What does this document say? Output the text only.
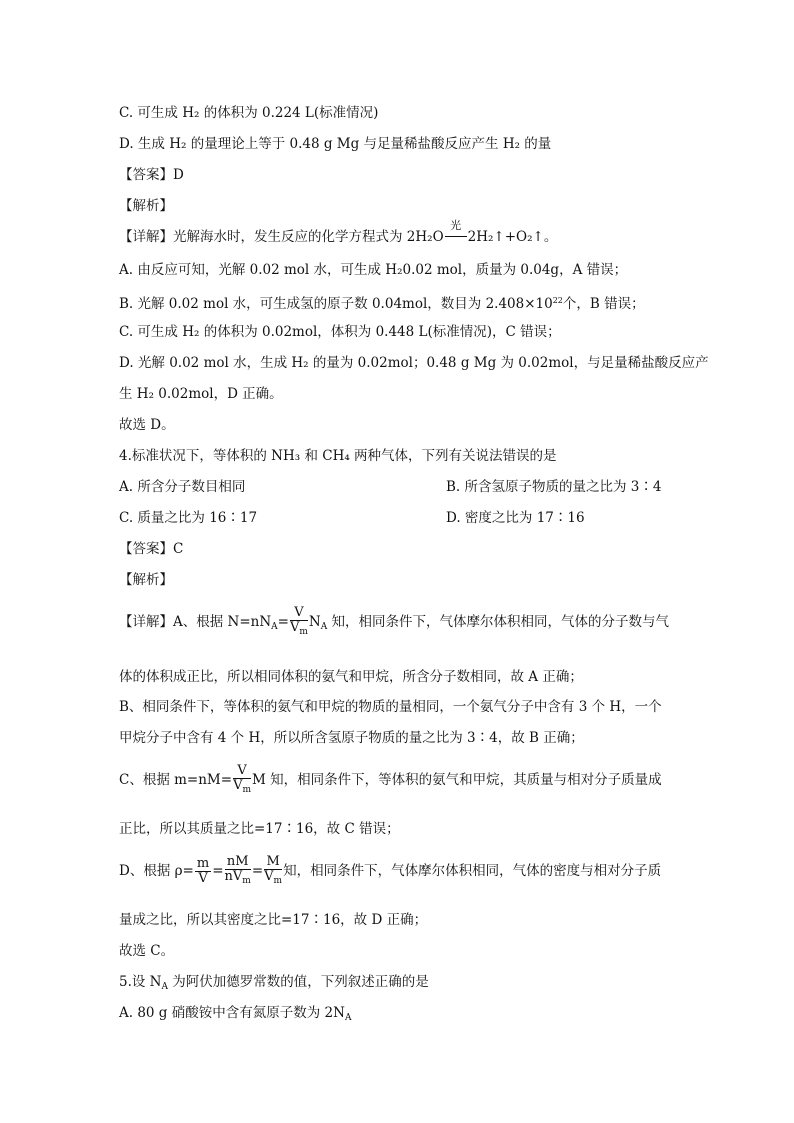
C. 可生成 H₂ 的体积为 0.224 L(标准情况)
D. 生成 H₂ 的量理论上等于 0.48 g Mg 与足量稀盐酸反应产生 H₂ 的量
【答案】D
【解析】
【详解】光解海水时，发生反应的化学方程式为 2H₂O
光
2H₂↑+O₂↑。
A. 由反应可知，光解 0.02 mol 水，可生成 H₂0.02 mol，质量为 0.04g，A 错误；
B. 光解 0.02 mol 水，可生成氢的原子数 0.04mol，数目为 $2.408\times 10^{22}$个，B 错误；
C. 可生成 H₂ 的体积为 0.02mol，体积为 0.448 L(标准情况)，C 错误；
D. 光解 0.02 mol 水，生成 H₂ 的量为 0.02mol；0.48 g Mg 为 0.02mol，与足量稀盐酸反应产
生 H₂ 0.02mol，D 正确。
故选 D。
4.标准状况下，等体积的 NH₃ 和 CH₄ 两种气体，下列有关说法错误的是
A. 所含分子数目相同	B. 所含氢原子物质的量之比为 3∶4
C. 质量之比为 16∶17	D. 密度之比为 17∶16
【答案】C
【解析】
【详解】A、根据 $N=nN_A= \frac{V}{V_m} N_A$ 知，相同条件下，气体摩尔体积相同，气体的分子数与气
体的体积成正比，所以相同体积的氨气和甲烷，所含分子数相同，故 A 正确；
B、相同条件下，等体积的氨气和甲烷的物质的量相同，一个氨气分子中含有 3 个 H，一个
甲烷分子中含有 4 个 H，所以所含氢原子物质的量之比为 3∶4，故 B 正确；
C、根据 $m=nM= \frac{V}{V_m}$ M 知，相同条件下，等体积的氨气和甲烷，其质量与相对分子质量成
正比，所以其质量之比=17∶16，故 C 错误；
D、根据 $\rho= \frac{m}{V} = \frac{nM}{nV_m} = \frac{M}{V_m}$ 知，相同条件下，气体摩尔体积相同，气体的密度与相对分子质
量成之比，所以其密度之比=17∶16，故 D 正确；
故选 C。
5.设 $N_A$ 为阿伏加德罗常数的值，下列叙述正确的是
A. 80 g 硝酸铵中含有氮原子数为 $2N_A$
